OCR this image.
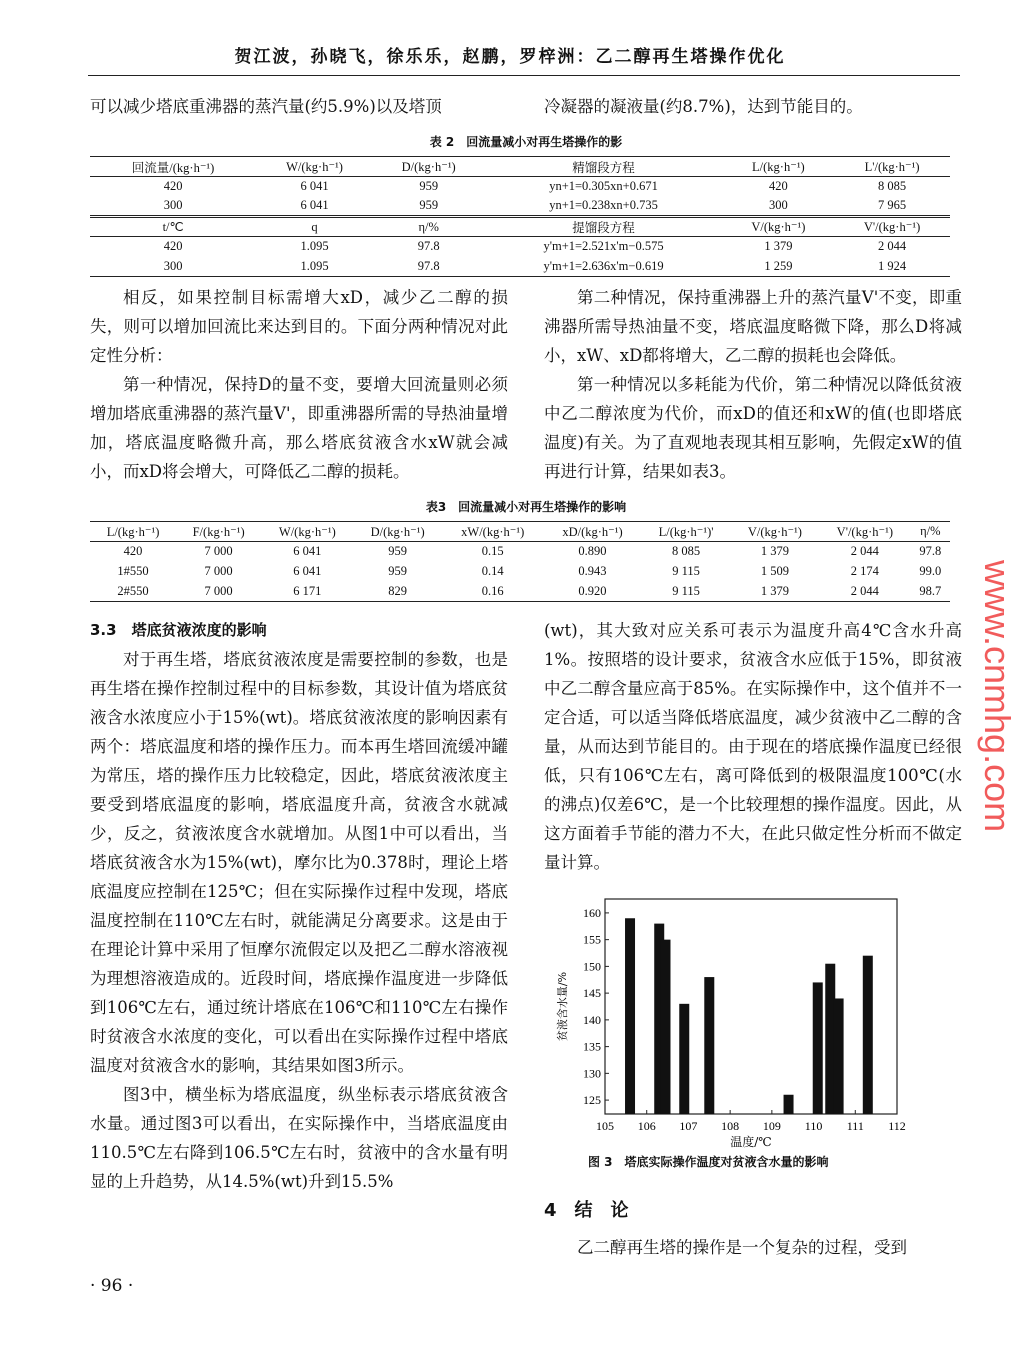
贺江波，孙晓飞，徐乐乐，赵鹏，罗梓洲：乙二醇再生塔操作优化
www.cnmhg.com
可以减少塔底重沸器的蒸汽量(约5.9%)以及塔顶	冷凝器的凝液量(约8.7%)，达到节能目的。
表 2　回流量减小对再生塔操作的影
回流量/(kg·h⁻¹)	W/(kg·h⁻¹)	D/(kg·h⁻¹)	精馏段方程	L/(kg·h⁻¹)	L'/(kg·h⁻¹)
420	6 041	959	yn+1=0.305xn+0.671	420	8 085
300	6 041	959	yn+1=0.238xn+0.735	300	7 965
t/℃	q	η/%	提馏段方程	V/(kg·h⁻¹)	V'/(kg·h⁻¹)
420	1.095	97.8	y'm+1=2.521x'm−0.575	1 379	2 044
300	1.095	97.8	y'm+1=2.636x'm−0.619	1 259	1 924

相反，如果控制目标需增大xD，减少乙二醇的损失，则可以增加回流比来达到目的。下面分两种情况对此定性分析：

第一种情况，保持D的量不变，要增大回流量则必须增加塔底重沸器的蒸汽量V'，即重沸器所需的导热油量增加，塔底温度略微升高，那么塔底贫液含水xW就会减小，而xD将会增大，可降低乙二醇的损耗。

第二种情况，保持重沸器上升的蒸汽量V'不变，即重沸器所需导热油量不变，塔底温度略微下降，那么D将减小，xW、xD都将增大，乙二醇的损耗也会降低。

第一种情况以多耗能为代价，第二种情况以降低贫液中乙二醇浓度为代价，而xD的值还和xW的值(也即塔底温度)有关。为了直观地表现其相互影响，先假定xW的值再进行计算，结果如表3。

表3　回流量减小对再生塔操作的影响
L/(kg·h⁻¹)	F/(kg·h⁻¹)	W/(kg·h⁻¹)	D/(kg·h⁻¹)	xW/(kg·h⁻¹)	xD/(kg·h⁻¹)	L/(kg·h⁻¹)'	V/(kg·h⁻¹)	V'/(kg·h⁻¹)	η/%
420	7 000	6 041	959	0.15	0.890	8 085	1 379	2 044	97.8
1#550	7 000	6 041	959	0.14	0.943	9 115	1 509	2 174	99.0
2#550	7 000	6 171	829	0.16	0.920	9 115	1 379	2 044	98.7
3.3　塔底贫液浓度的影响

对于再生塔，塔底贫液浓度是需要控制的参数，也是再生塔在操作控制过程中的目标参数，其设计值为塔底贫液含水浓度应小于15%(wt)。塔底贫液浓度的影响因素有两个：塔底温度和塔的操作压力。而本再生塔回流缓冲罐为常压，塔的操作压力比较稳定，因此，塔底贫液浓度主要受到塔底温度的影响，塔底温度升高，贫液含水就减少，反之，贫液浓度含水就增加。从图1中可以看出，当塔底贫液含水为15%(wt)，摩尔比为0.378时，理论上塔底温度应控制在125℃；但在实际操作过程中发现，塔底温度控制在110℃左右时，就能满足分离要求。这是由于在理论计算中采用了恒摩尔流假定以及把乙二醇水溶液视为理想溶液造成的。近段时间，塔底操作温度进一步降低到106℃左右，通过统计塔底在106℃和110℃左右操作时贫液含水浓度的变化，可以看出在实际操作过程中塔底温度对贫液含水的影响，其结果如图3所示。

图3中，横坐标为塔底温度，纵坐标表示塔底贫液含水量。通过图3可以看出，在实际操作中，当塔底温度由110.5℃左右降到106.5℃左右时，贫液中的含水量有明显的上升趋势，从14.5%(wt)升到15.5%

(wt)，其大致对应关系可表示为温度升高4℃含水升高1%。按照塔的设计要求，贫液含水应低于15%，即贫液中乙二醇含量应高于85%。在实际操作中，这个值并不一定合适，可以适当降低塔底温度，减少贫液中乙二醇的含量，从而达到节能目的。由于现在的塔底操作温度已经很低，只有106℃左右，离可降低到的极限温度100℃(水的沸点)仅差6℃，是一个比较理想的操作温度。因此，从这方面着手节能的潜力不大，在此只做定性分析而不做定量计算。
105 106 107 108 109 110 111 112
125
130
135
140
145
150
155
160
温度/℃
贫液含水量/%
图 3　塔底实际操作温度对贫液含水量的影响
4　结　论
乙二醇再生塔的操作是一个复杂的过程，受到
· 96 ·
